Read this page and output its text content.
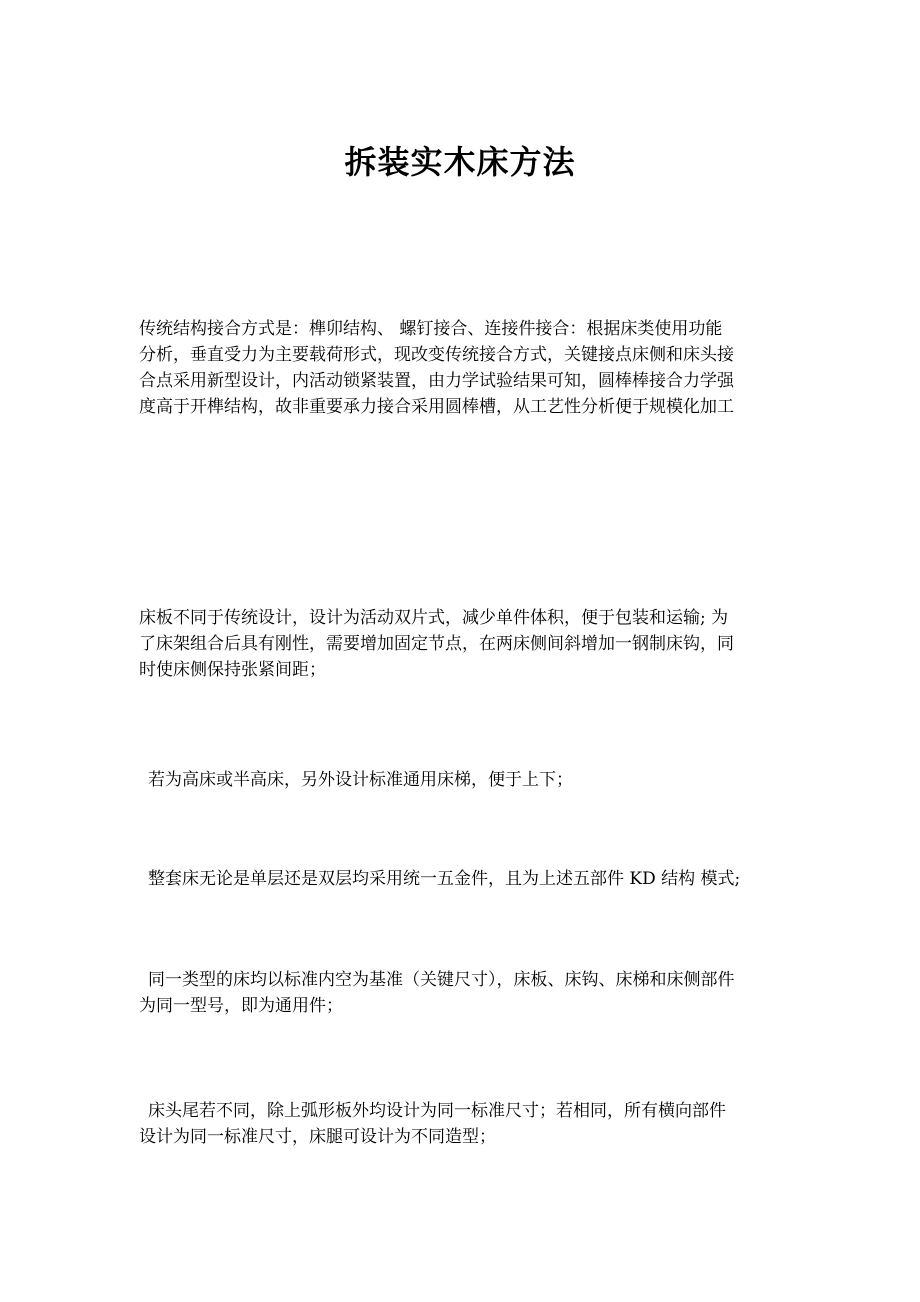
拆装实木床方法
传统结构接合方式是：榫卯结构、 螺钉接合、连接件接合：根据床类使用功能
分析，垂直受力为主要载荷形式，现改变传统接合方式，关键接点床侧和床头接
合点采用新型设计，内活动锁紧装置，由力学试验结果可知，圆棒棒接合力学强
度高于开榫结构，故非重要承力接合采用圆棒槽，从工艺性分析便于规模化加工
床板不同于传统设计，设计为活动双片式，减少单件体积，便于包装和运输; 为
了床架组合后具有刚性，需要增加固定节点，在两床侧间斜增加一钢制床钩，同
时使床侧保持张紧间距；
若为高床或半高床，另外设计标准通用床梯，便于上下；
整套床无论是单层还是双层均采用统一五金件，且为上述五部件 KD 结构 模式;
同一类型的床均以标准内空为基准（关键尺寸），床板、床钩、床梯和床侧部件
为同一型号，即为通用件；
床头尾若不同，除上弧形板外均设计为同一标准尺寸；若相同，所有横向部件
设计为同一标准尺寸，床腿可设计为不同造型；
